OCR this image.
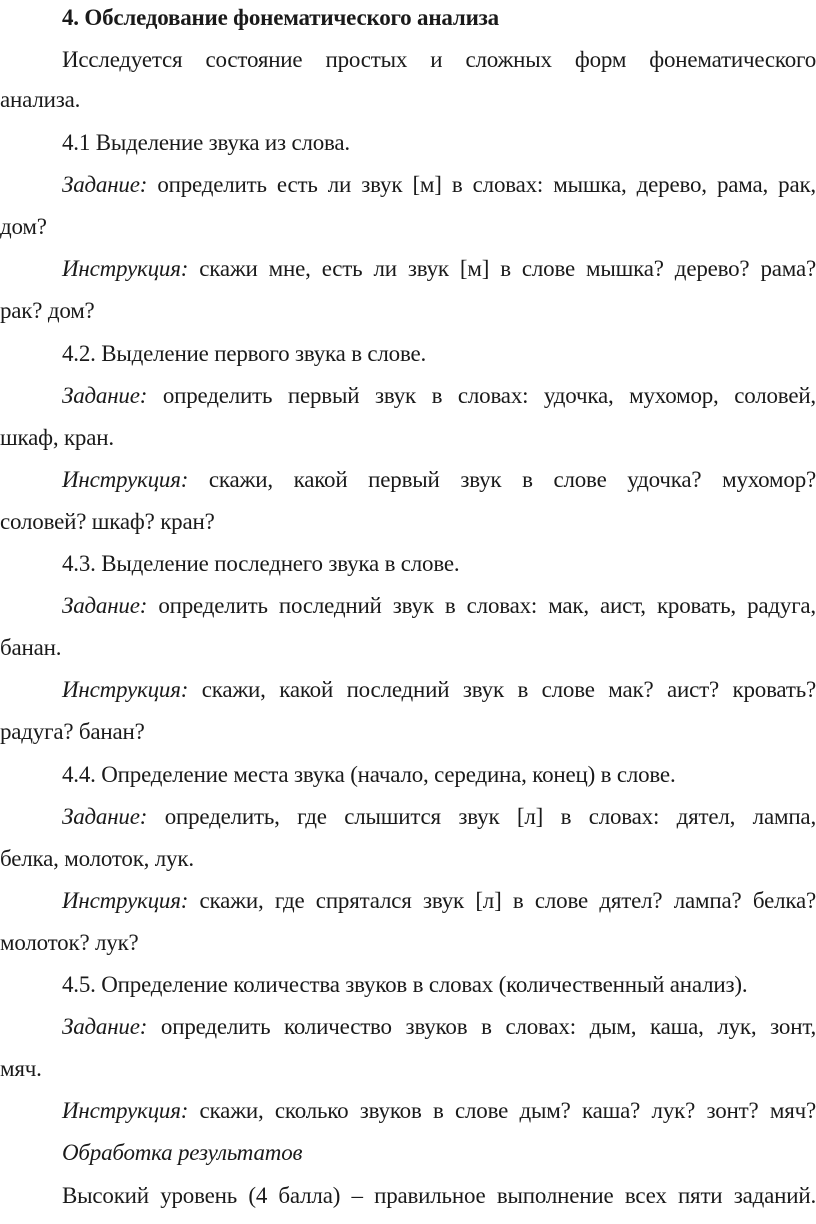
4. Обследование фонематического анализа
Исследуется состояние простых и сложных форм фонематического
анализа.
4.1 Выделение звука из слова.
Задание: определить есть ли звук [м] в словах: мышка, дерево, рама, рак,
дом?
Инструкция: скажи мне, есть ли звук [м] в слове мышка? дерево? рама?
рак? дом?
4.2. Выделение первого звука в слове.
Задание: определить первый звук в словах: удочка, мухомор, соловей,
шкаф, кран.
Инструкция: скажи, какой первый звук в слове удочка? мухомор?
соловей? шкаф? кран?
4.3. Выделение последнего звука в слове.
Задание: определить последний звук в словах: мак, аист, кровать, радуга,
банан.
Инструкция: скажи, какой последний звук в слове мак? аист? кровать?
радуга? банан?
4.4. Определение места звука (начало, середина, конец) в слове.
Задание: определить, где слышится звук [л] в словах: дятел, лампа,
белка, молоток, лук.
Инструкция: скажи, где спрятался звук [л] в слове дятел? лампа? белка?
молоток? лук?
4.5. Определение количества звуков в словах (количественный анализ).
Задание: определить количество звуков в словах: дым, каша, лук, зонт,
мяч.
Инструкция: скажи, сколько звуков в слове дым? каша? лук? зонт? мяч?
Обработка результатов
Высокий уровень (4 балла) – правильное выполнение всех пяти заданий.
